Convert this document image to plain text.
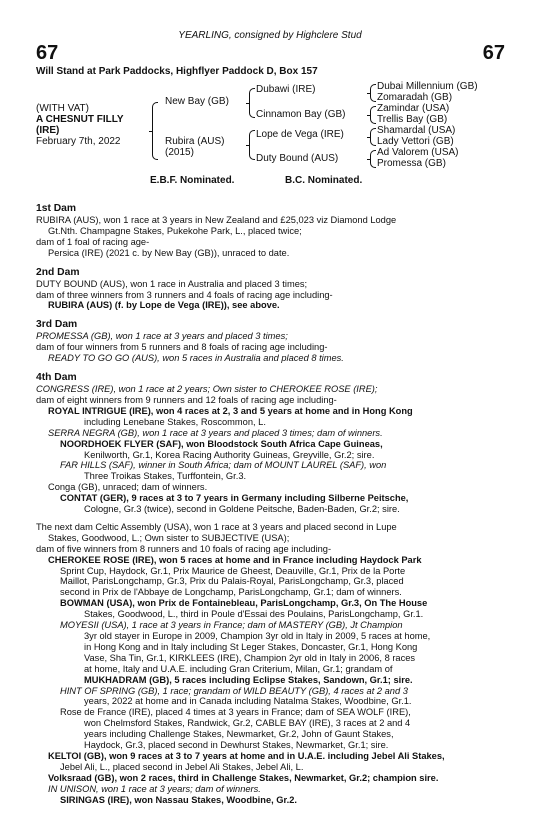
YEARLING, consigned by Highclere Stud
67	67
Will Stand at Park Paddocks, Highflyer Paddock D, Box 157
(WITH VAT)
A CHESNUT FILLY
(IRE)
February 7th, 2022
New Bay (GB)
Rubira (AUS)
(2015)
Dubawi (IRE)
Cinnamon Bay (GB)
Lope de Vega (IRE)
Duty Bound (AUS)
Dubai Millennium (GB)
Zomaradah (GB)
Zamindar (USA)
Trellis Bay (GB)
Shamardal (USA)
Lady Vettori (GB)
Ad Valorem (USA)
Promessa (GB)
E.B.F. Nominated.	B.C. Nominated.
1st Dam
RUBIRA (AUS), won 1 race at 3 years in New Zealand and £25,023 viz Diamond Lodge
Gt.Nth. Champagne Stakes, Pukekohe Park, L., placed twice;
dam of 1 foal of racing age-
Persica (IRE) (2021 c. by New Bay (GB)), unraced to date.
2nd Dam
DUTY BOUND (AUS), won 1 race in Australia and placed 3 times;
dam of three winners from 3 runners and 4 foals of racing age including-
RUBIRA (AUS) (f. by Lope de Vega (IRE)), see above.
3rd Dam
PROMESSA (GB), won 1 race at 3 years and placed 3 times;
dam of four winners from 5 runners and 8 foals of racing age including-
READY TO GO GO (AUS), won 5 races in Australia and placed 8 times.
4th Dam
CONGRESS (IRE), won 1 race at 2 years; Own sister to CHEROKEE ROSE (IRE);
dam of eight winners from 9 runners and 12 foals of racing age including-
ROYAL INTRIGUE (IRE), won 4 races at 2, 3 and 5 years at home and in Hong Kong
including Lenebane Stakes, Roscommon, L.
SERRA NEGRA (GB), won 1 race at 3 years and placed 3 times; dam of winners.
NOORDHOEK FLYER (SAF), won Bloodstock South Africa Cape Guineas,
Kenilworth, Gr.1, Korea Racing Authority Guineas, Greyville, Gr.2; sire.
FAR HILLS (SAF), winner in South Africa; dam of MOUNT LAUREL (SAF), won
Three Troikas Stakes, Turffontein, Gr.3.
Conga (GB), unraced; dam of winners.
CONTAT (GER), 9 races at 3 to 7 years in Germany including Silberne Peitsche,
Cologne, Gr.3 (twice), second in Goldene Peitsche, Baden-Baden, Gr.2; sire.
The next dam Celtic Assembly (USA), won 1 race at 3 years and placed second in Lupe
Stakes, Goodwood, L.; Own sister to SUBJECTIVE (USA);
dam of five winners from 8 runners and 10 foals of racing age including-
CHEROKEE ROSE (IRE), won 5 races at home and in France including Haydock Park
Sprint Cup, Haydock, Gr.1, Prix Maurice de Gheest, Deauville, Gr.1, Prix de la Porte
Maillot, ParisLongchamp, Gr.3, Prix du Palais-Royal, ParisLongchamp, Gr.3, placed
second in Prix de l'Abbaye de Longchamp, ParisLongchamp, Gr.1; dam of winners.
BOWMAN (USA), won Prix de Fontainebleau, ParisLongchamp, Gr.3, On The House
Stakes, Goodwood, L., third in Poule d'Essai des Poulains, ParisLongchamp, Gr.1.
MOYESII (USA), 1 race at 3 years in France; dam of MASTERY (GB), Jt Champion
3yr old stayer in Europe in 2009, Champion 3yr old in Italy in 2009, 5 races at home,
in Hong Kong and in Italy including St Leger Stakes, Doncaster, Gr.1, Hong Kong
Vase, Sha Tin, Gr.1, KIRKLEES (IRE), Champion 2yr old in Italy in 2006, 8 races
at home, Italy and U.A.E. including Gran Criterium, Milan, Gr.1; grandam of
MUKHADRAM (GB), 5 races including Eclipse Stakes, Sandown, Gr.1; sire.
HINT OF SPRING (GB), 1 race; grandam of WILD BEAUTY (GB), 4 races at 2 and 3
years, 2022 at home and in Canada including Natalma Stakes, Woodbine, Gr.1.
Rose de France (IRE), placed 4 times at 3 years in France; dam of SEA WOLF (IRE),
won Chelmsford Stakes, Randwick, Gr.2, CABLE BAY (IRE), 3 races at 2 and 4
years including Challenge Stakes, Newmarket, Gr.2, John of Gaunt Stakes,
Haydock, Gr.3, placed second in Dewhurst Stakes, Newmarket, Gr.1; sire.
KELTOI (GB), won 9 races at 3 to 7 years at home and in U.A.E. including Jebel Ali Stakes,
Jebel Ali, L., placed second in Jebel Ali Stakes, Jebel Ali, L.
Volksraad (GB), won 2 races, third in Challenge Stakes, Newmarket, Gr.2; champion sire.
IN UNISON, won 1 race at 3 years; dam of winners.
SIRINGAS (IRE), won Nassau Stakes, Woodbine, Gr.2.
